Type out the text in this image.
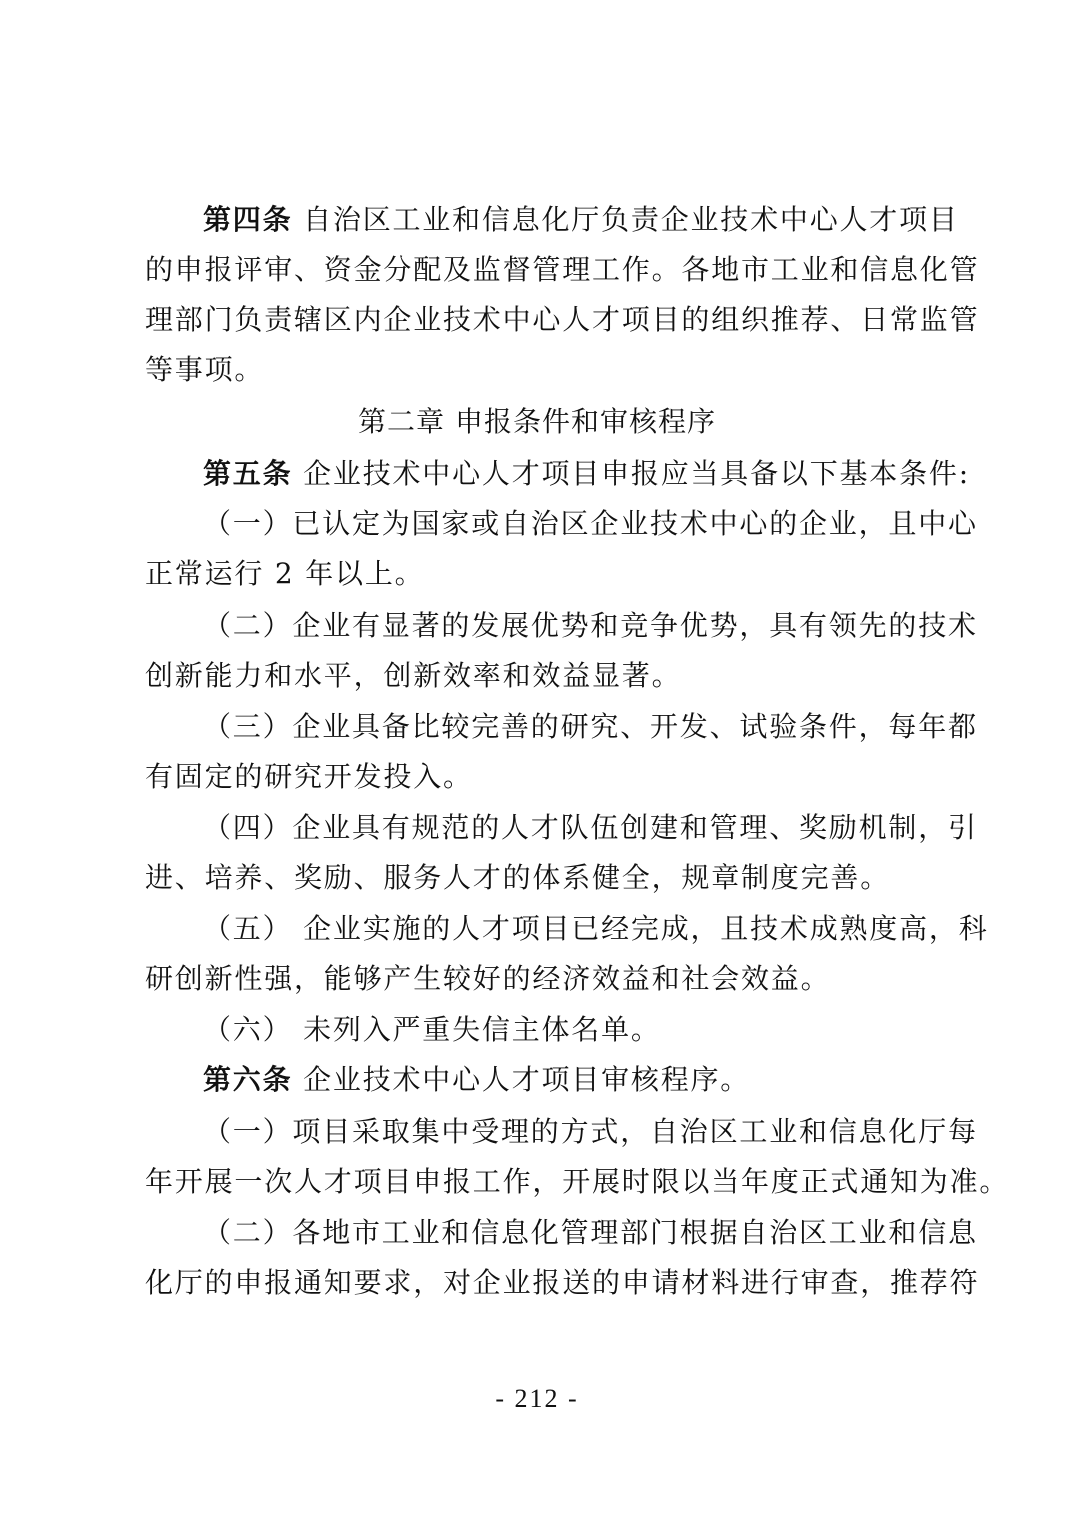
第四条 自治区工业和信息化厅负责企业技术中心人才项目
的申报评审、资金分配及监督管理工作。各地市工业和信息化管
理部门负责辖区内企业技术中心人才项目的组织推荐、日常监管
等事项。
第二章 申报条件和审核程序
第五条 企业技术中心人才项目申报应当具备以下基本条件:
（一）已认定为国家或自治区企业技术中心的企业，且中心
正常运行 2 年以上。
（二）企业有显著的发展优势和竞争优势，具有领先的技术
创新能力和水平，创新效率和效益显著。
（三）企业具备比较完善的研究、开发、试验条件，每年都
有固定的研究开发投入。
（四）企业具有规范的人才队伍创建和管理、奖励机制，引
进、培养、奖励、服务人才的体系健全，规章制度完善。
（五） 企业实施的人才项目已经完成，且技术成熟度高，科
研创新性强，能够产生较好的经济效益和社会效益。
（六） 未列入严重失信主体名单。
第六条 企业技术中心人才项目审核程序。
（一）项目采取集中受理的方式，自治区工业和信息化厅每
年开展一次人才项目申报工作，开展时限以当年度正式通知为准。
（二）各地市工业和信息化管理部门根据自治区工业和信息
化厅的申报通知要求，对企业报送的申请材料进行审查，推荐符
- 212 -
